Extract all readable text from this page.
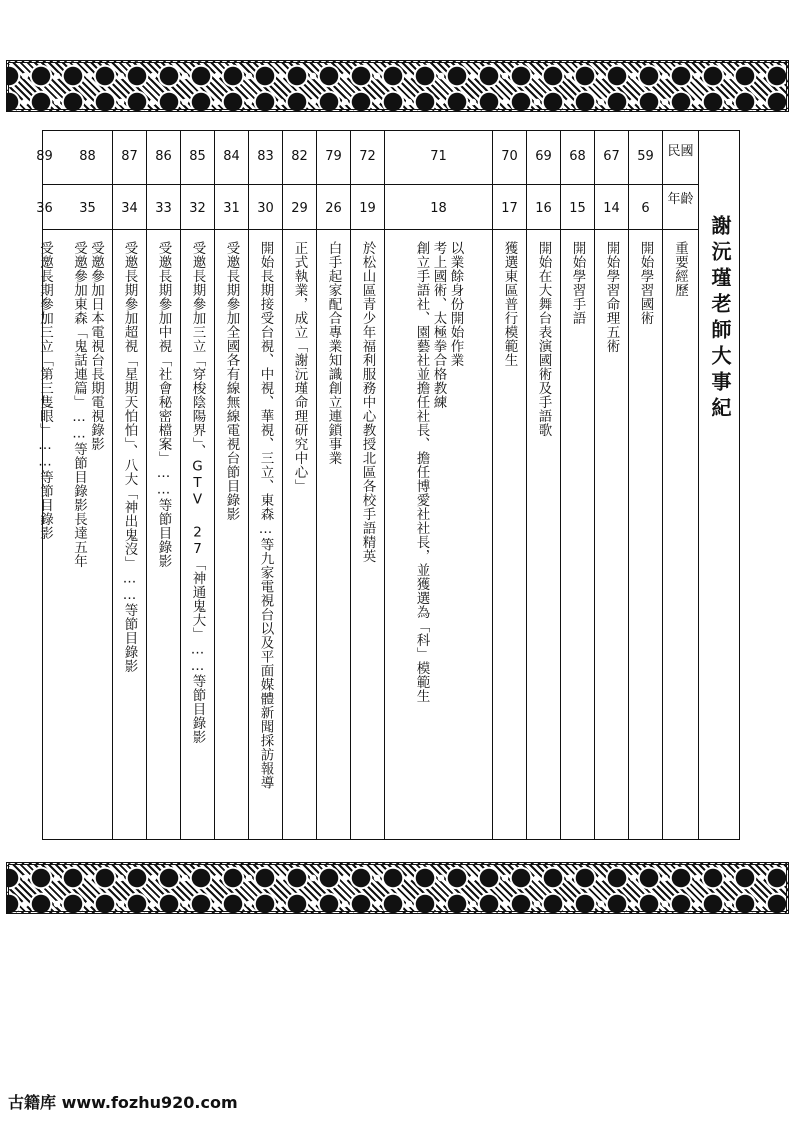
民國
年齡
重要經歷	謝沅瑾老師大事紀
59
6
開始學習國術
67
14
開始學習命理五術
68
15
開始學習手語
69
16
開始在大舞台表演國術及手語歌
70
17
獲選東區普行模範生
71
18
以業餘身份開始作業
考上國術、太極拳合格教練
創立手語社、園藝社並擔任社長、擔任博愛社社長，並獲選為「科」模範生
72
19
於松山區青少年福利服務中心教授北區各校手語精英
79
26
白手起家配合專業知識創立連鎖事業
82
29
正式執業，成立「謝沅瑾命理研究中心」
83
30
開始長期接受台視、中視、華視、三立、東森…等九家電視台以及平面媒體新聞採訪報導
84
31
受邀長期參加全國各有線無線電視台節目錄影
85
32
受邀長期參加三立「穿梭陰陽界」、GTV 27「神通鬼大」……等節目錄影
86
33
受邀長期參加中視「社會秘密檔案」……等節目錄影
87
34
受邀長期參加超視「星期天怕怕」、八大「神出鬼沒」……等節目錄影
88
35
受邀參加日本電視台長期電視錄影
受邀參加東森「鬼話連篇」……等節目錄影長達五年
89
36
受邀長期參加三立「第三隻眼」……等節目錄影
古籍库 www.fozhu920.com
